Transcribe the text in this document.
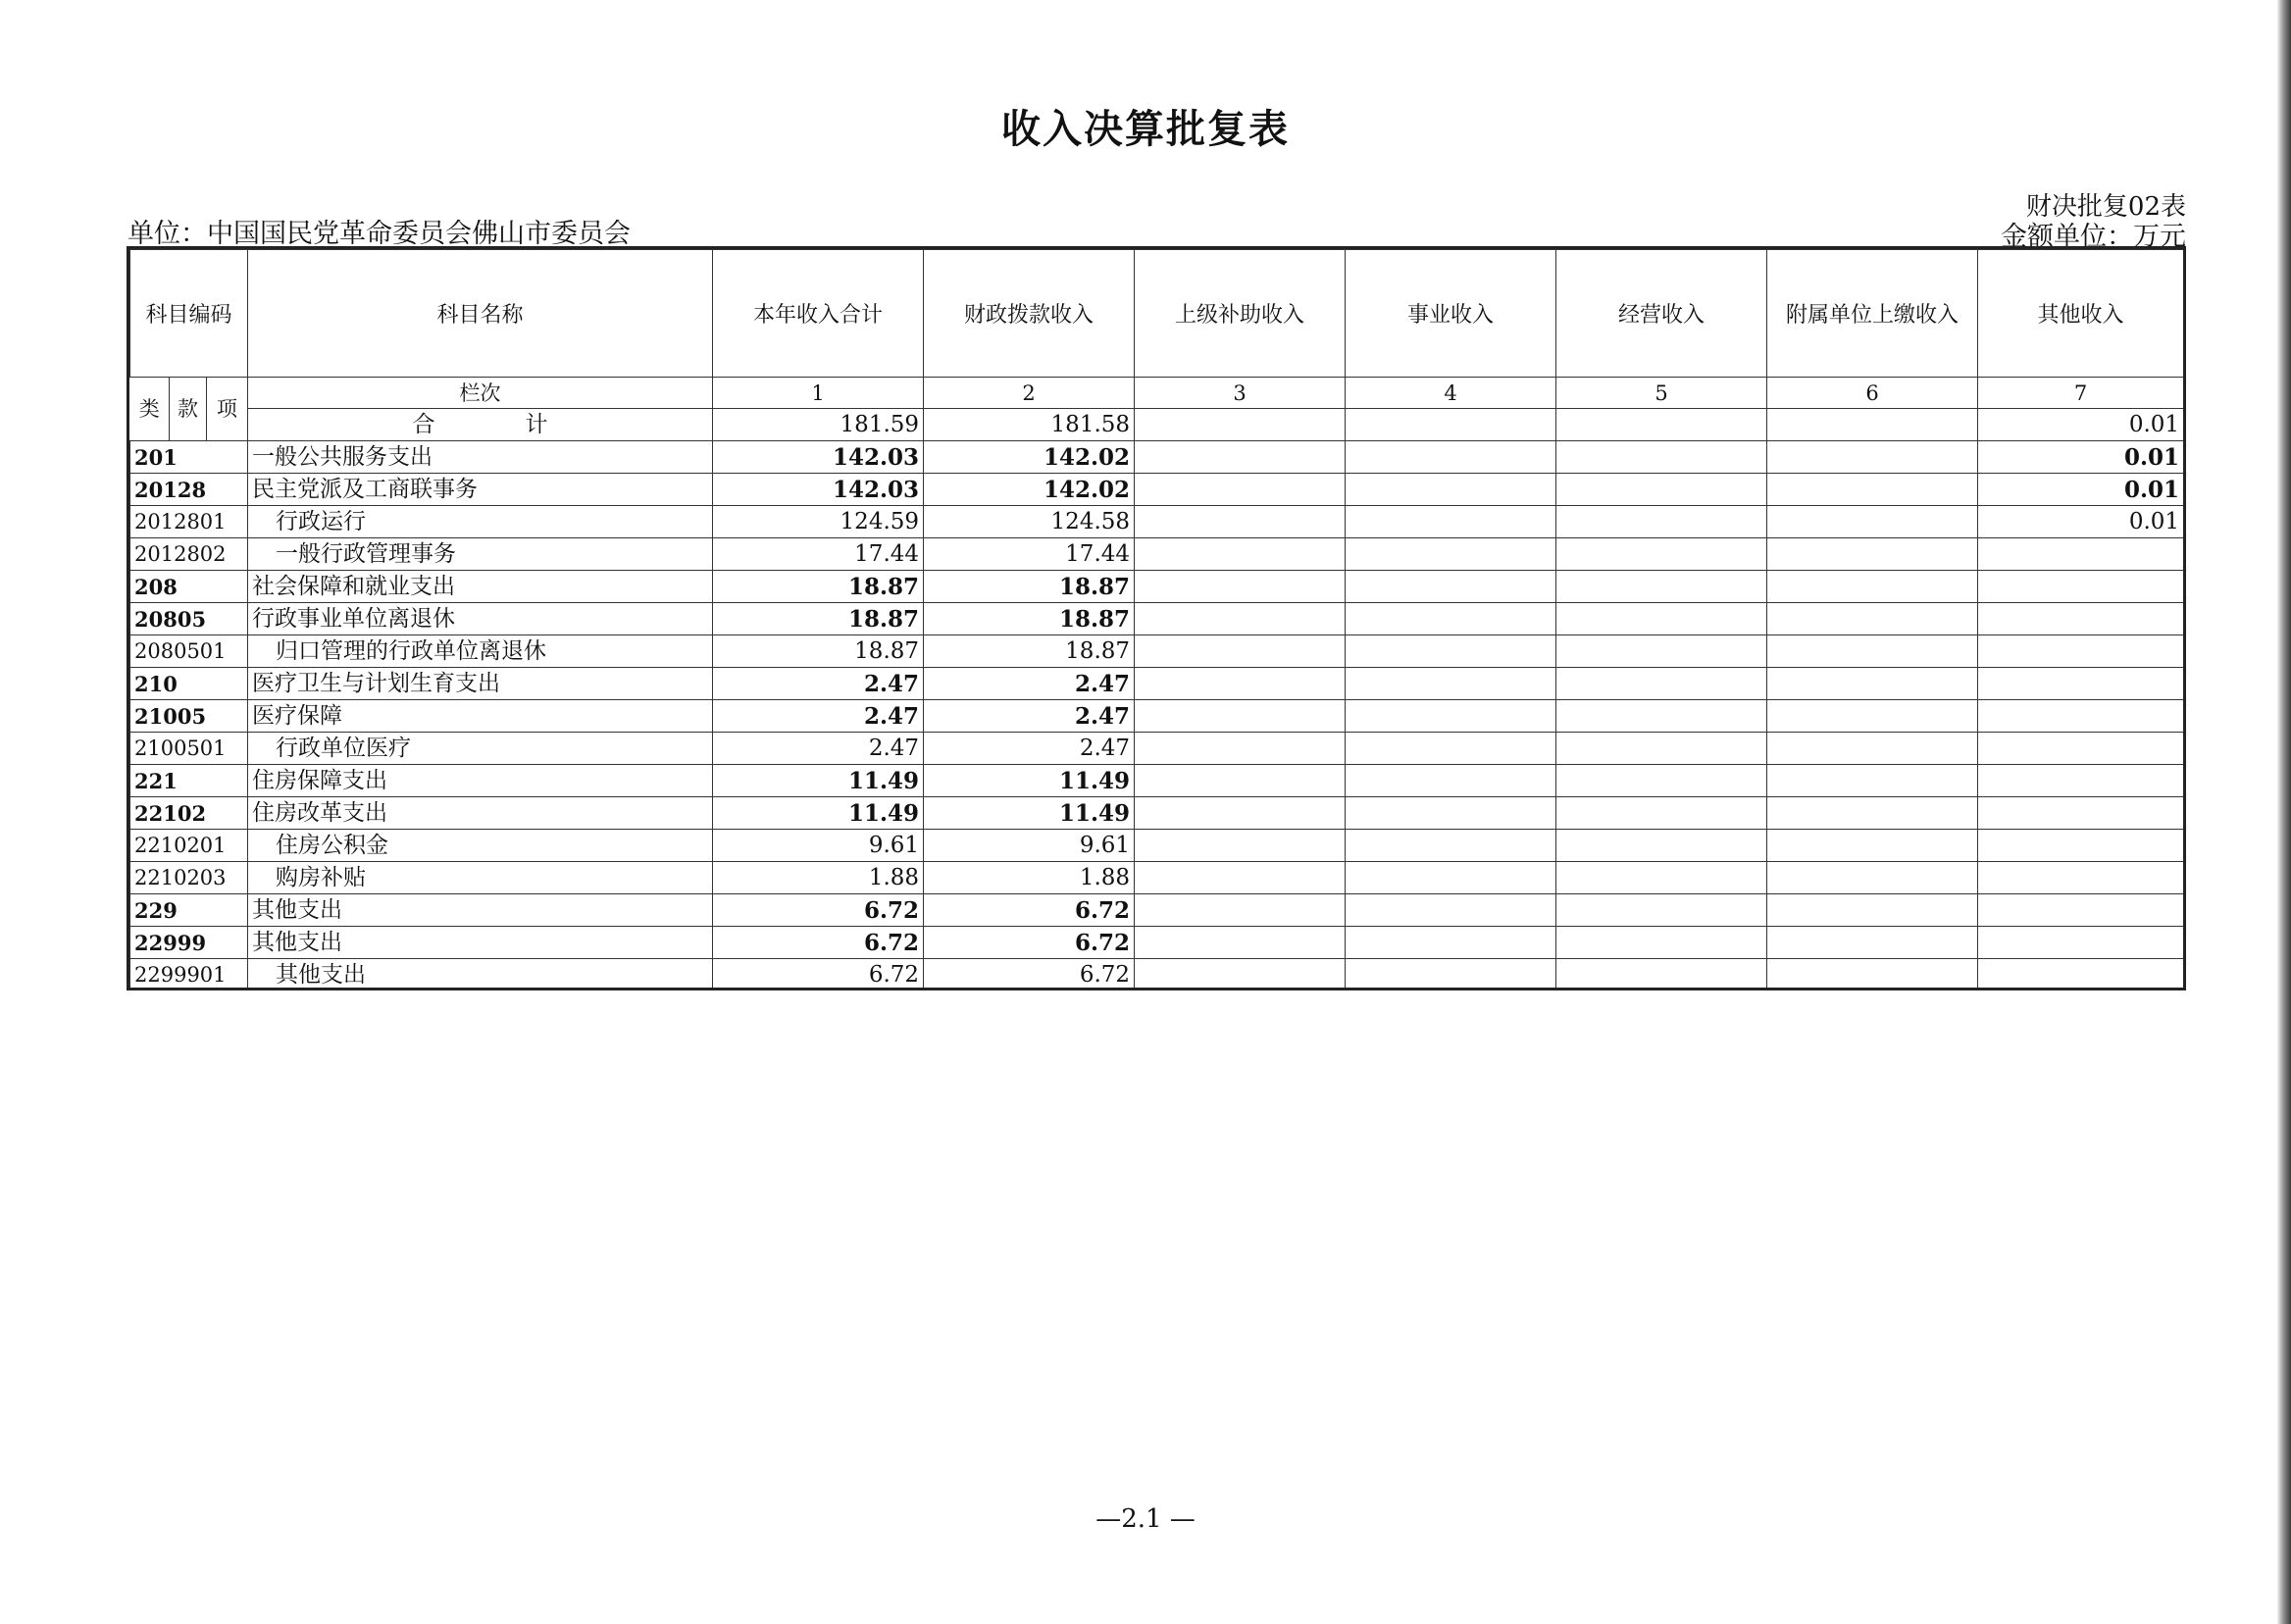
收入决算批复表
单位：中国国民党革命委员会佛山市委员会
财决批复02表
金额单位：万元
科目编码			科目名称	本年收入合计	财政拨款收入	上级补助收入	事业收入	经营收入	附属单位上缴收入	其他收入
类	款	项	栏次	1	2	3	4	5	6	7
			合　　　　计	181.59	181.58					0.01
201			一般公共服务支出	142.03	142.02					0.01
20128			民主党派及工商联事务	142.03	142.02					0.01
2012801			行政运行	124.59	124.58					0.01
2012802			一般行政管理事务	17.44	17.44					
208			社会保障和就业支出	18.87	18.87					
20805			行政事业单位离退休	18.87	18.87					
2080501			归口管理的行政单位离退休	18.87	18.87					
210			医疗卫生与计划生育支出	2.47	2.47					
21005			医疗保障	2.47	2.47					
2100501			行政单位医疗	2.47	2.47					
221			住房保障支出	11.49	11.49					
22102			住房改革支出	11.49	11.49					
2210201			住房公积金	9.61	9.61					
2210203			购房补贴	1.88	1.88					
229			其他支出	6.72	6.72					
22999			其他支出	6.72	6.72					
2299901			其他支出	6.72	6.72					
—2.1 —
